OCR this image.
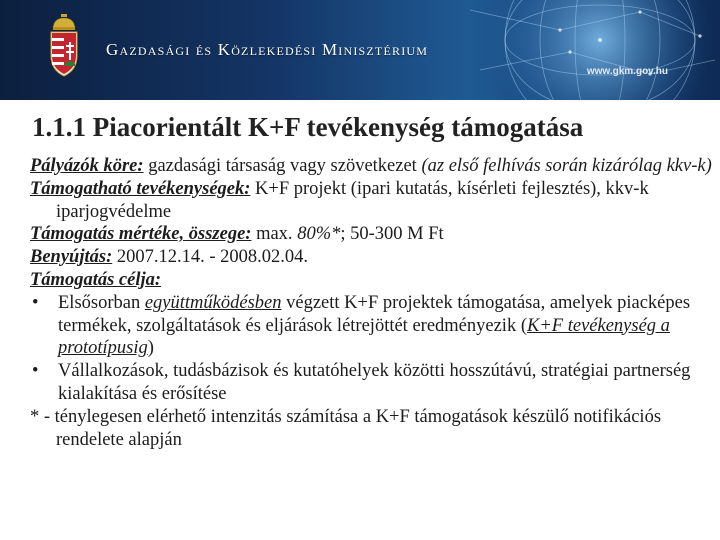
Gazdasági és Közlekedési Minisztérium
www.gkm.gov.hu
1.1.1 Piacorientált K+F tevékenység támogatása

Pályázók köre: gazdasági társaság vagy szövetkezet (az első felhívás során kizárólag kkv-k)

Támogatható tevékenységek: K+F projekt (ipari kutatás, kísérleti fejlesztés), kkv-k iparjogvédelme

Támogatás mértéke, összege: max. 80%*; 50-300 M Ft

Benyújtás: 2007.12.14. - 2008.02.04.

Támogatás célja:

•	Elsősorban együttműködésben végzett K+F projektek támogatása, amelyek piacképes termékek, szolgáltatások és eljárások létrejöttét eredményezik (K+F tevékenység a prototípusig)
•	Vállalkozások, tudásbázisok és kutatóhelyek közötti hosszútávú, stratégiai partnerség kialakítása és erősítése

* - ténylegesen elérhető intenzitás számítása a K+F támogatások készülő notifikációs rendelete alapján
